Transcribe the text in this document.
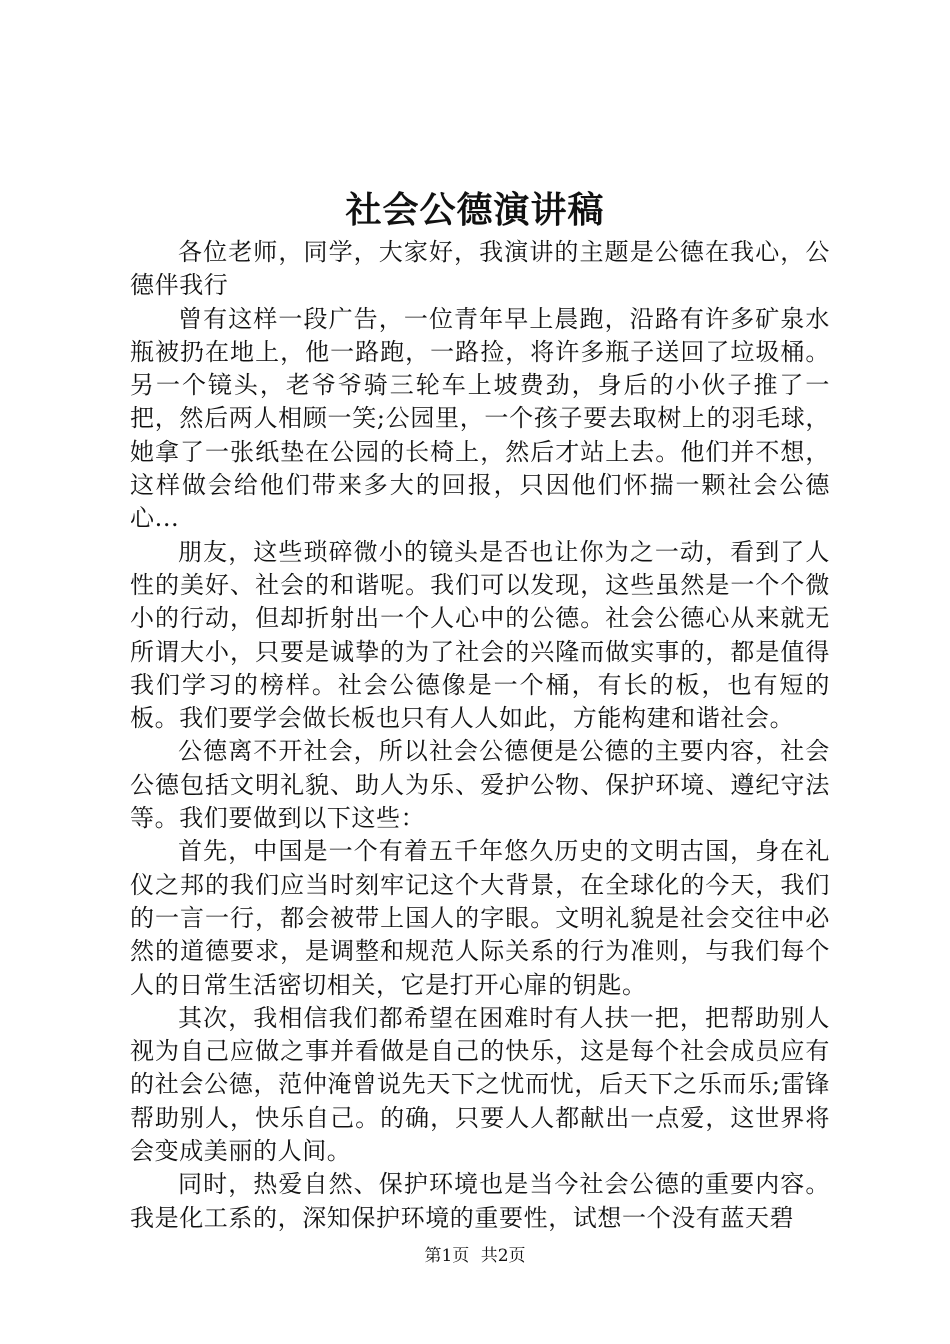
社会公德演讲稿

各位老师，同学，大家好，我演讲的主题是公德在我心，公德伴我行

曾有这样一段广告，一位青年早上晨跑，沿路有许多矿泉水瓶被扔在地上，他一路跑，一路捡，将许多瓶子送回了垃圾桶。另一个镜头，老爷爷骑三轮车上坡费劲，身后的小伙子推了一把，然后两人相顾一笑;公园里，一个孩子要去取树上的羽毛球，她拿了一张纸垫在公园的长椅上，然后才站上去。他们并不想，这样做会给他们带来多大的回报，只因他们怀揣一颗社会公德心...

朋友，这些琐碎微小的镜头是否也让你为之一动，看到了人性的美好、社会的和谐呢。我们可以发现，这些虽然是一个个微小的行动，但却折射出一个人心中的公德。社会公德心从来就无所谓大小，只要是诚挚的为了社会的兴隆而做实事的，都是值得我们学习的榜样。社会公德像是一个桶，有长的板，也有短的板。我们要学会做长板也只有人人如此，方能构建和谐社会。

公德离不开社会，所以社会公德便是公德的主要内容，社会公德包括文明礼貌、助人为乐、爱护公物、保护环境、遵纪守法等。我们要做到以下这些：

首先，中国是一个有着五千年悠久历史的文明古国，身在礼仪之邦的我们应当时刻牢记这个大背景，在全球化的今天，我们的一言一行，都会被带上国人的字眼。文明礼貌是社会交往中必然的道德要求，是调整和规范人际关系的行为准则，与我们每个人的日常生活密切相关，它是打开心扉的钥匙。

其次，我相信我们都希望在困难时有人扶一把，把帮助别人视为自己应做之事并看做是自己的快乐，这是每个社会成员应有的社会公德，范仲淹曾说先天下之忧而忧，后天下之乐而乐;雷锋帮助别人，快乐自己。的确，只要人人都献出一点爱，这世界将会变成美丽的人间。

同时，热爱自然、保护环境也是当今社会公德的重要内容。我是化工系的，深知保护环境的重要性，试想一个没有蓝天碧

第1页 共2页
